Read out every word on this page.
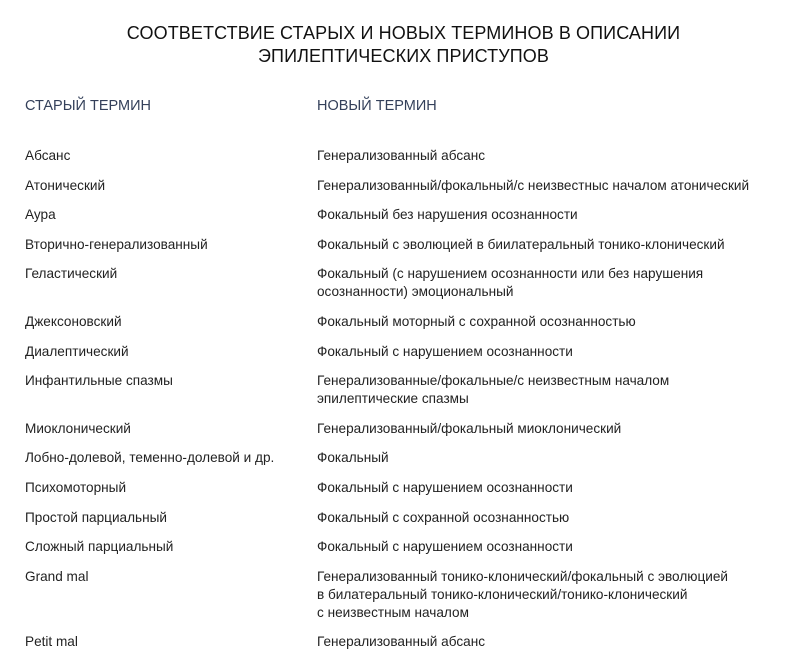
СООТВЕТСТВИЕ СТАРЫХ И НОВЫХ ТЕРМИНОВ В ОПИСАНИИ
ЭПИЛЕПТИЧЕСКИХ ПРИСТУПОВ
СТАРЫЙ ТЕРМИН	НОВЫЙ ТЕРМИН
Абсанс	Генерализованный абсанс
Атонический	Генерализованный/фокальный/с неизвестныс началом атонический
Аура	Фокальный без нарушения осознанности
Вторично-генерализованный	Фокальный с эволюцией в биилатеральный тонико-клонический
Геластический	Фокальный (с нарушением осознанности или без нарушения
осознанности) эмоциональный
Джексоновский	Фокальный моторный с сохранной осознанностью
Диалептический	Фокальный с нарушением осознанности
Инфантильные спазмы	Генерализованные/фокальные/с неизвестным началом
эпилептические спазмы
Миоклонический	Генерализованный/фокальный миоклонический
Лобно-долевой, теменно-долевой и др.	Фокальный
Психомоторный	Фокальный с нарушением осознанности
Простой парциальный	Фокальный с сохранной осознанностью
Сложный парциальный	Фокальный с нарушением осознанности
Grand mal	Генерализованный тонико-клонический/фокальный с эволюцией
в билатеральный тонико-клонический/тонико-клонический
с неизвестным началом
Petit mal	Генерализованный абсанс
